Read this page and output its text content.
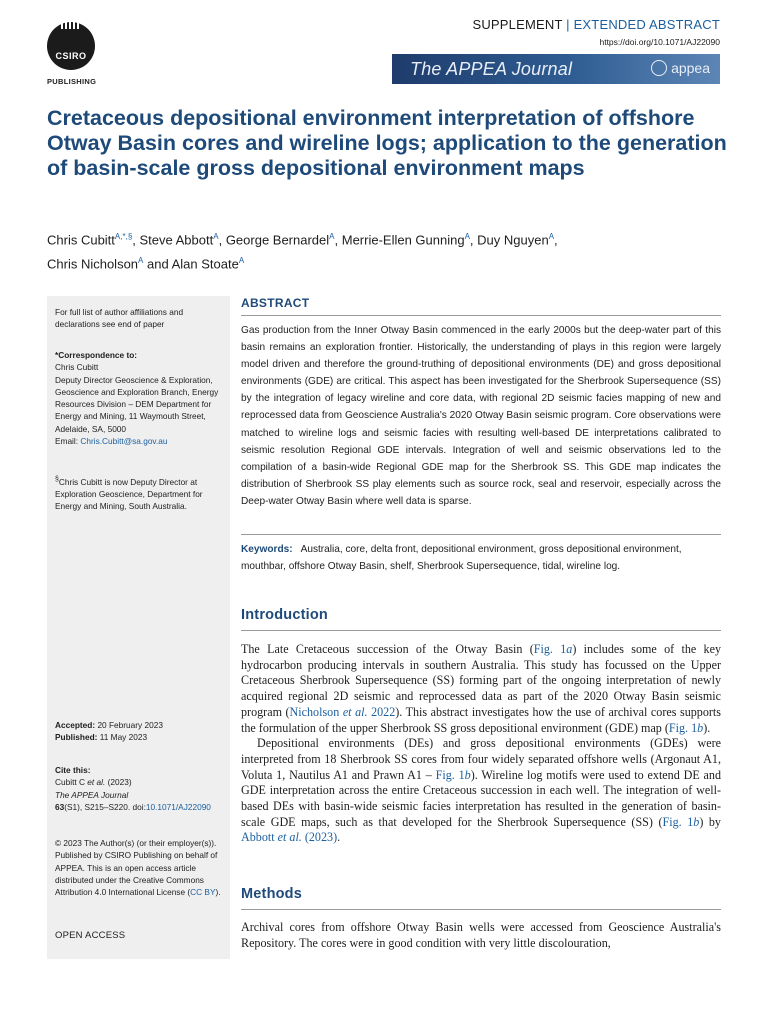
CSIRO
PUBLISHING
SUPPLEMENT | EXTENDED ABSTRACT
https://doi.org/10.1071/AJ22090
The APPEA Journal	appea
Cretaceous depositional environment interpretation of offshore Otway Basin cores and wireline logs; application to the generation of basin-scale gross depositional environment maps
Chris Cubitt$^{A,*,\S}$, Steve Abbott$^A$, George Bernardel$^A$, Merrie-Ellen Gunning$^A$, Duy Nguyen$^A$,
Chris Nicholson$^A$ and Alan Stoate$^A$
For full list of author affiliations and declarations see end of paper
*Correspondence to:
Chris Cubitt
Deputy Director Geoscience & Exploration, Geoscience and Exploration Branch, Energy Resources Division – DEM Department for Energy and Mining, 11 Waymouth Street, Adelaide, SA, 5000
Email: Chris.Cubitt@sa.gov.au
§Chris Cubitt is now Deputy Director at Exploration Geoscience, Department for Energy and Mining, South Australia.
Accepted: 20 February 2023
Published: 11 May 2023
Cite this:
Cubitt C et al. (2023)
The APPEA Journal
63(S1), S215–S220. doi:10.1071/AJ22090
© 2023 The Author(s) (or their employer(s)). Published by CSIRO Publishing on behalf of APPEA. This is an open access article distributed under the Creative Commons Attribution 4.0 International License (CC BY).
OPEN ACCESS
ABSTRACT

Gas production from the Inner Otway Basin commenced in the early 2000s but the deep-water part of this basin remains an exploration frontier. Historically, the understanding of plays in this region were largely model driven and therefore the ground-truthing of depositional environments (DE) and gross depositional environments (GDE) are critical. This aspect has been investigated for the Sherbrook Supersequence (SS) by the integration of legacy wireline and core data, with regional 2D seismic facies mapping of new and reprocessed data from Geoscience Australia's 2020 Otway Basin seismic program. Core observations were matched to wireline logs and seismic facies with resulting well-based DE interpretations calibrated to seismic resolution Regional GDE intervals. Integration of well and seismic observations led to the compilation of a basin-wide Regional GDE map for the Sherbrook SS. This GDE map indicates the distribution of Sherbrook SS play elements such as source rock, seal and reservoir, especially across the Deep-water Otway Basin where well data is sparse.

Keywords: Australia, core, delta front, depositional environment, gross depositional environment, mouthbar, offshore Otway Basin, shelf, Sherbrook Supersequence, tidal, wireline log.

Introduction

The Late Cretaceous succession of the Otway Basin (Fig. 1a) includes some of the key hydrocarbon producing intervals in southern Australia. This study has focussed on the Upper Cretaceous Sherbrook Supersequence (SS) forming part of the ongoing interpretation of newly acquired regional 2D seismic and reprocessed data as part of the 2020 Otway Basin seismic program (Nicholson et al. 2022). This abstract investigates how the use of archival cores supports the formulation of the upper Sherbrook SS gross depositional environment (GDE) map (Fig. 1b).

Depositional environments (DEs) and gross depositional environments (GDEs) were interpreted from 18 Sherbrook SS cores from four widely separated offshore wells (Argonaut A1, Voluta 1, Nautilus A1 and Prawn A1 – Fig. 1b). Wireline log motifs were used to extend DE and GDE interpretation across the entire Cretaceous succession in each well. The integration of well-based DEs with basin-wide seismic facies interpretation has resulted in the generation of basin-scale GDE maps, such as that developed for the Sherbrook Supersequence (SS) (Fig. 1b) by Abbott et al. (2023).

Methods

Archival cores from offshore Otway Basin wells were accessed from Geoscience Australia's Repository. The cores were in good condition with very little discolouration,
